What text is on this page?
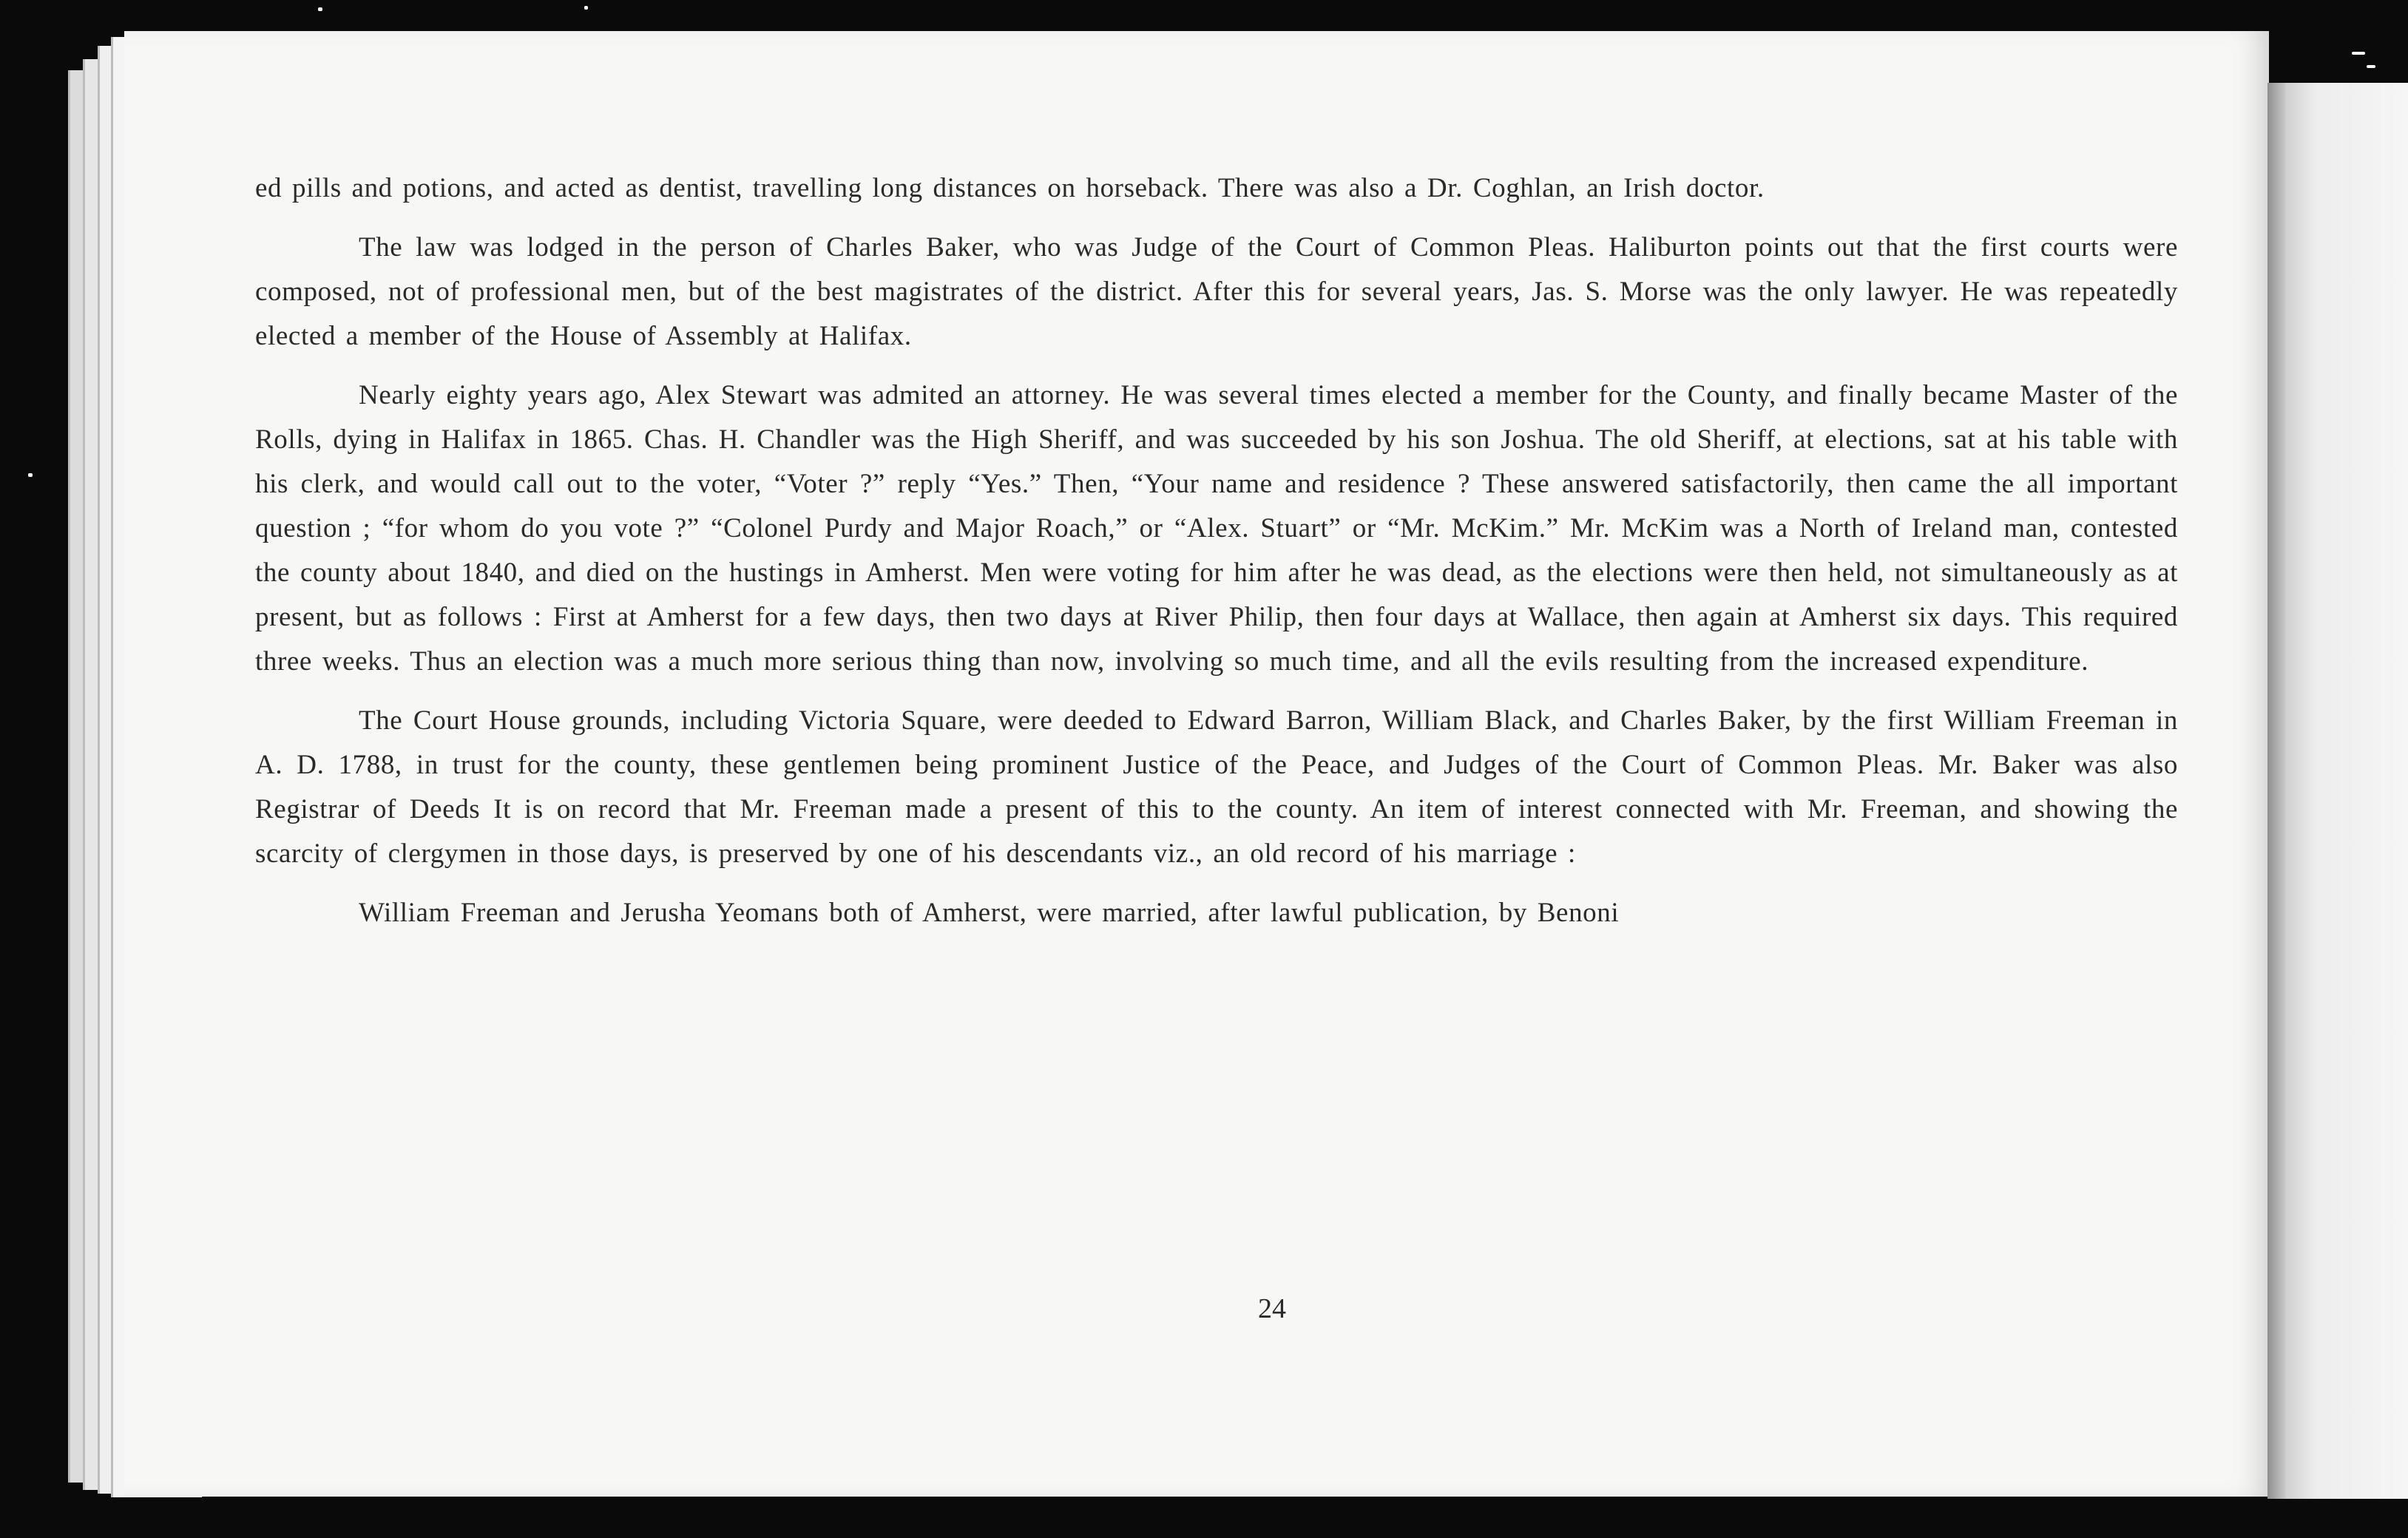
ed pills and potions, and acted as dentist, travelling long distances on horseback. There was also a Dr. Coghlan, an Irish doctor.

The law was lodged in the person of Charles Baker, who was Judge of the Court of Common Pleas. Haliburton points out that the first courts were composed, not of professional men, but of the best magistrates of the district. After this for several years, Jas. S. Morse was the only lawyer. He was repeatedly elected a member of the House of Assembly at Halifax.

Nearly eighty years ago, Alex Stewart was admited an attorney. He was several times elected a member for the County, and finally became Master of the Rolls, dying in Halifax in 1865. Chas. H. Chandler was the High Sheriff, and was succeeded by his son Joshua. The old Sheriff, at elections, sat at his table with his clerk, and would call out to the voter, “Voter ?” reply “Yes.” Then, “Your name and residence ? These answered satisfactorily, then came the all important question ; “for whom do you vote ?” “Colonel Purdy and Major Roach,” or “Alex. Stuart” or “Mr. McKim.” Mr. McKim was a North of Ireland man, contested the county about 1840, and died on the hustings in Amherst. Men were voting for him after he was dead, as the elections were then held, not simultaneously as at present, but as follows : First at Amherst for a few days, then two days at River Philip, then four days at Wallace, then again at Amherst six days. This required three weeks. Thus an election was a much more serious thing than now, involving so much time, and all the evils resulting from the increased expenditure.

The Court House grounds, including Victoria Square, were deeded to Edward Barron, William Black, and Charles Baker, by the first William Freeman in A. D. 1788, in trust for the county, these gentlemen being prominent Justice of the Peace, and Judges of the Court of Common Pleas. Mr. Baker was also Registrar of Deeds It is on record that Mr. Freeman made a present of this to the county. An item of interest connected with Mr. Freeman, and showing the scarcity of clergymen in those days, is preserved by one of his descendants viz., an old record of his marriage :

William Freeman and Jerusha Yeomans both of Amherst, were married, after lawful publication, by Benoni

24
